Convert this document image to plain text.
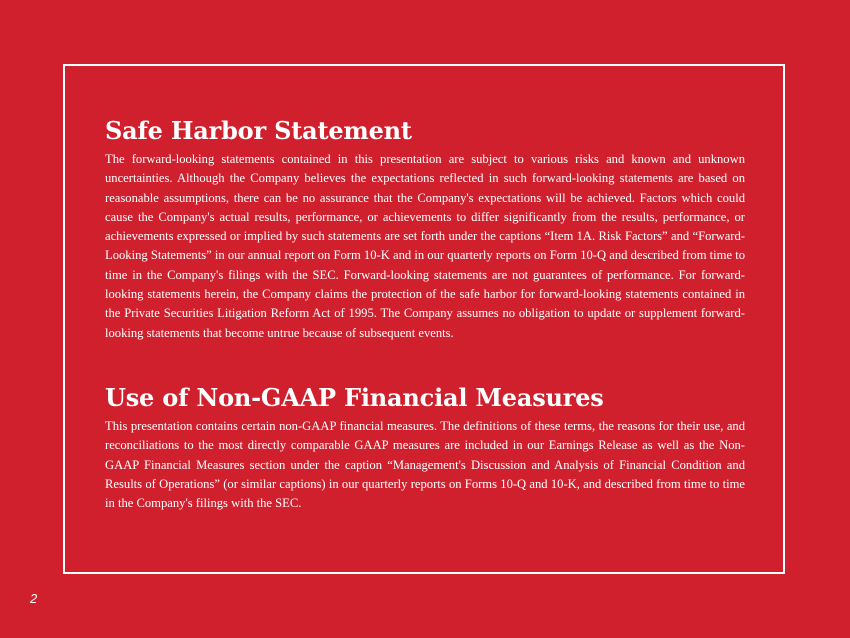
Safe Harbor Statement

The forward-looking statements contained in this presentation are subject to various risks and known and unknown uncertainties. Although the Company believes the expectations reflected in such forward-looking statements are based on reasonable assumptions, there can be no assurance that the Company's expectations will be achieved. Factors which could cause the Company's actual results, performance, or achievements to differ significantly from the results, performance, or achievements expressed or implied by such statements are set forth under the captions “Item 1A. Risk Factors” and “Forward-Looking Statements” in our annual report on Form 10-K and in our quarterly reports on Form 10-Q and described from time to time in the Company's filings with the SEC. Forward-looking statements are not guarantees of performance. For forward-looking statements herein, the Company claims the protection of the safe harbor for forward-looking statements contained in the Private Securities Litigation Reform Act of 1995. The Company assumes no obligation to update or supplement forward-looking statements that become untrue because of subsequent events.

Use of Non-GAAP Financial Measures

This presentation contains certain non-GAAP financial measures. The definitions of these terms, the reasons for their use, and reconciliations to the most directly comparable GAAP measures are included in our Earnings Release as well as the Non-GAAP Financial Measures section under the caption “Management's Discussion and Analysis of Financial Condition and Results of Operations” (or similar captions) in our quarterly reports on Forms 10-Q and 10-K, and described from time to time in the Company's filings with the SEC.

2
